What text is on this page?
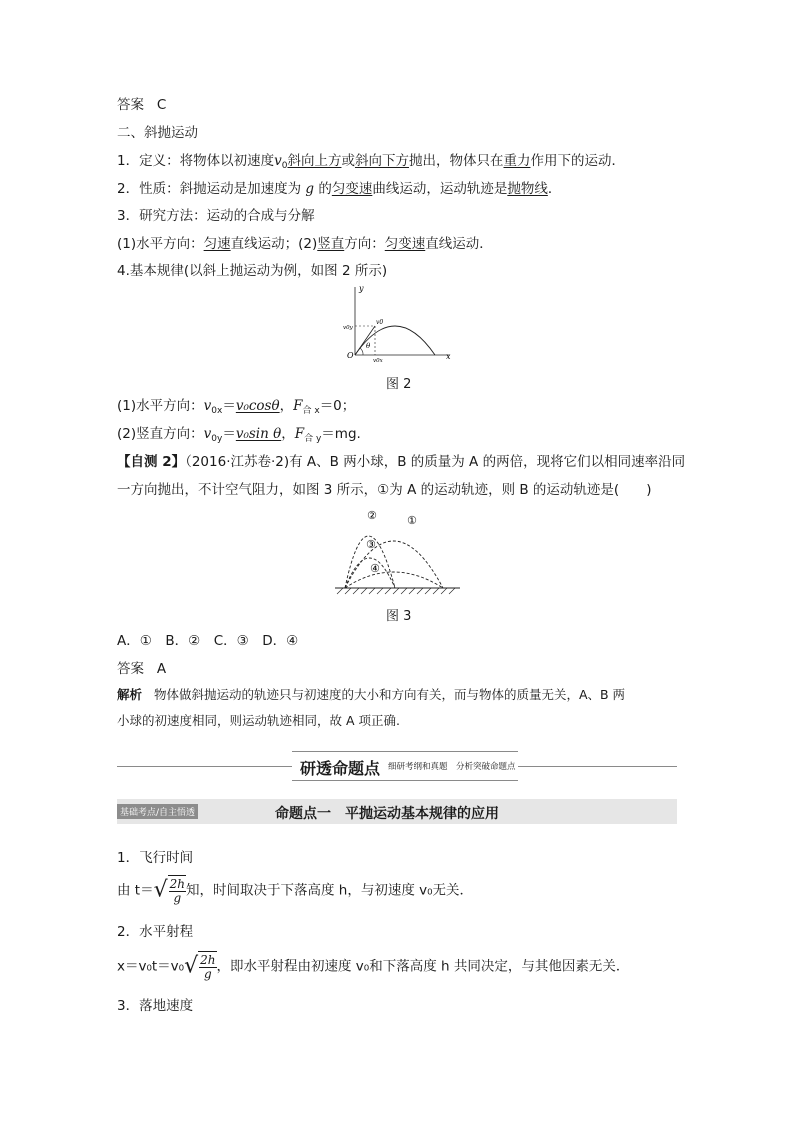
答案 C
二、斜抛运动
1．定义：将物体以初速度$v_0$斜向上方或斜向下方抛出，物体只在重力作用下的运动．
2．性质：斜抛运动是加速度为 g 的匀变速曲线运动，运动轨迹是抛物线．
3．研究方法：运动的合成与分解
(1)水平方向：匀速直线运动；(2)竖直方向：匀变速直线运动．
4.基本规律(以斜上抛运动为例，如图 2 所示)
y
x
O
θ
v0
v0y
v0x
图 2
(1)水平方向：$v_{0x}=v_0\cos\theta$，$F_{合 x}=0$；
(2)竖直方向：$v_{0y}=v_0\sin$ θ，$F_{合 y}=mg$.
【自测 2】（2016·江苏卷·2)有 A、B 两小球，B 的质量为 A 的两倍，现将它们以相同速率沿同
一方向抛出，不计空气阻力，如图 3 所示，①为 A 的运动轨迹，则 B 的运动轨迹是(　　)
①
②
③
④
图 3
A．①　B．②　C．③　D．④
答案 A
解析 物体做斜抛运动的轨迹只与初速度的大小和方向有关，而与物体的质量无关，A、B 两
小球的初速度相同，则运动轨迹相同，故 A 项正确.
研透命题点 细研考纲和真题　分析突破命题点
基础考点/自主悟透	命题点一　平抛运动基本规律的应用
1．飞行时间
由 $t=√ \frac{2h}{g}$知，时间取决于下落高度 h，与初速度 v₀无关．
2．水平射程
$x=v_0t=v_0√ \frac{2h}{g}$，即水平射程由初速度 v₀和下落高度 h 共同决定，与其他因素无关．
3．落地速度
